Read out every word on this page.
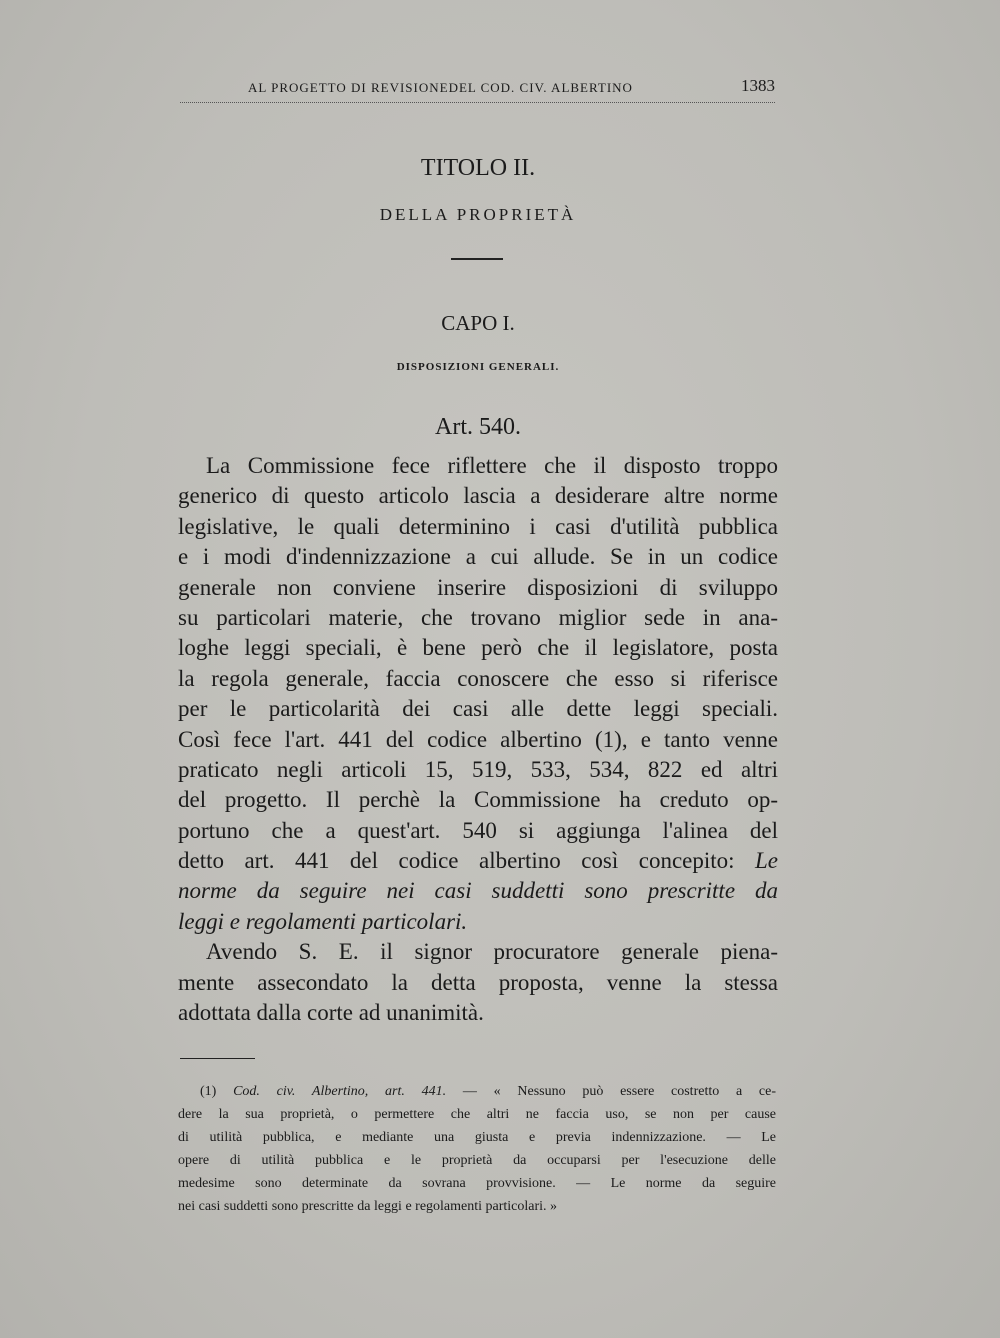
AL PROGETTO DI REVISIONEDEL COD. CIV. ALBERTINO	1383
TITOLO II.
DELLA PROPRIETÀ
CAPO I.
DISPOSIZIONI GENERALI.
Art. 540.
La Commissione fece riflettere che il disposto troppo
generico di questo articolo lascia a desiderare altre norme
legislative, le quali determinino i casi d'utilità pubblica
e i modi d'indennizzazione a cui allude. Se in un codice
generale non conviene inserire disposizioni di sviluppo
su particolari materie, che trovano miglior sede in ana-
loghe leggi speciali, è bene però che il legislatore, posta
la regola generale, faccia conoscere che esso si riferisce
per le particolarità dei casi alle dette leggi speciali.
Così fece l'art. 441 del codice albertino (1), e tanto venne
praticato negli articoli 15, 519, 533, 534, 822 ed altri
del progetto. Il perchè la Commissione ha creduto op-
portuno che a quest'art. 540 si aggiunga l'alinea del
detto art. 441 del codice albertino così concepito: Le
norme da seguire nei casi suddetti sono prescritte da
leggi e regolamenti particolari.
Avendo S. E. il signor procuratore generale piena-
mente assecondato la detta proposta, venne la stessa
adottata dalla corte ad unanimità.
(1) Cod. civ. Albertino, art. 441. — « Nessuno può essere costretto a ce-
dere la sua proprietà, o permettere che altri ne faccia uso, se non per cause
di utilità pubblica, e mediante una giusta e previa indennizzazione. — Le
opere di utilità pubblica e le proprietà da occuparsi per l'esecuzione delle
medesime sono determinate da sovrana provvisione. — Le norme da seguire
nei casi suddetti sono prescritte da leggi e regolamenti particolari. »
